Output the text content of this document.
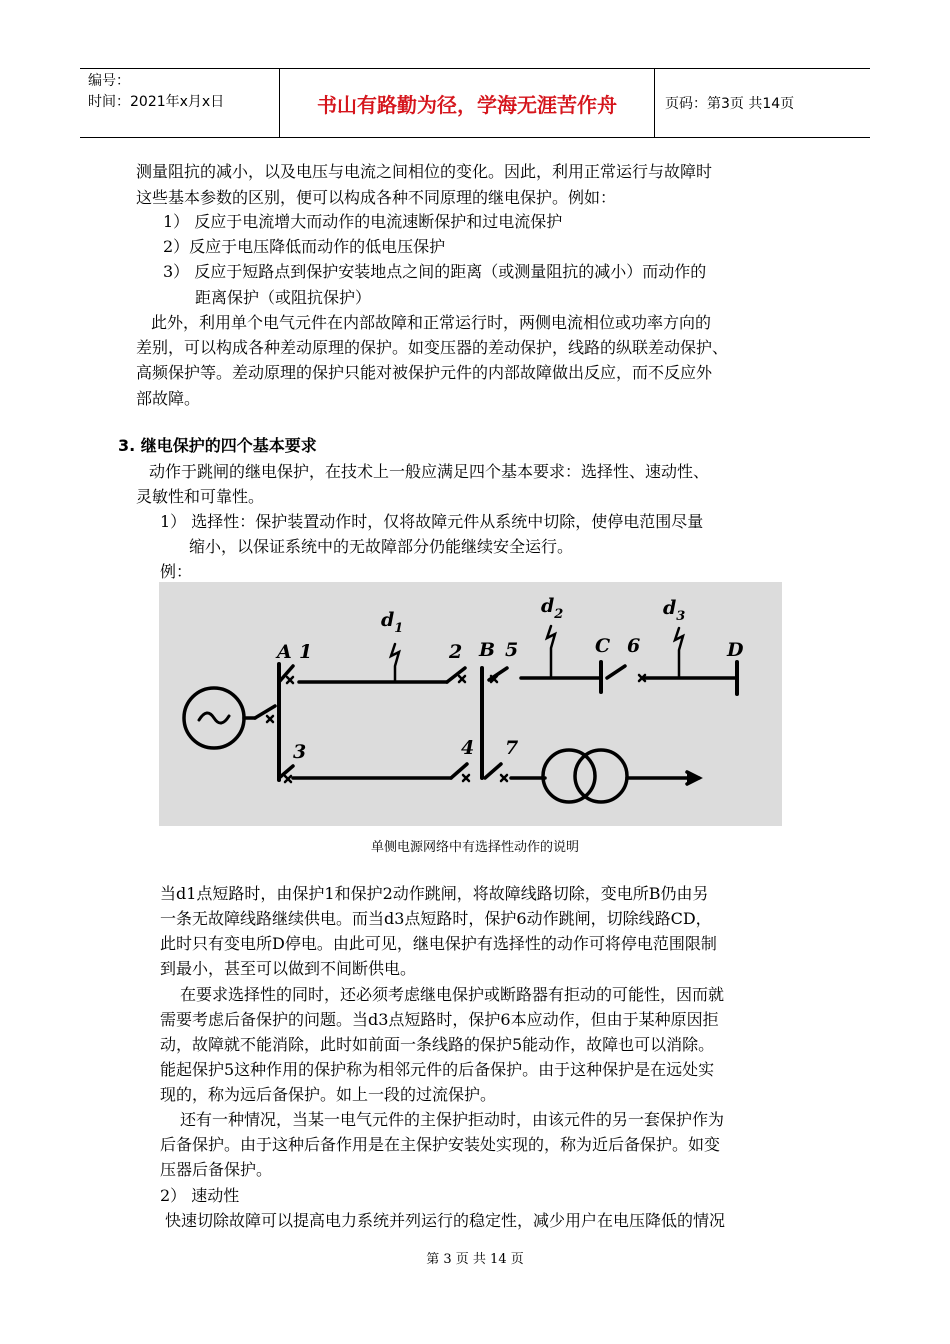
编号：
时间：2021年x月x日	书山有路勤为径，学海无涯苦作舟	页码：第3页 共14页
测量阻抗的减小，以及电压与电流之间相位的变化。因此，利用正常运行与故障时
这些基本参数的区别，便可以构成各种不同原理的继电保护。例如：
1） 反应于电流增大而动作的电流速断保护和过电流保护
2）反应于电压降低而动作的低电压保护
3） 反应于短路点到保护安装地点之间的距离（或测量阻抗的减小）而动作的
距离保护（或阻抗保护）
此外，利用单个电气元件在内部故障和正常运行时，两侧电流相位或功率方向的
差别，可以构成各种差动原理的保护。如变压器的差动保护，线路的纵联差动保护、
高频保护等。差动原理的保护只能对被保护元件的内部故障做出反应，而不反应外
部故障。
3. 继电保护的四个基本要求
动作于跳闸的继电保护，在技术上一般应满足四个基本要求：选择性、速动性、
灵敏性和可靠性。
1） 选择性：保护装置动作时，仅将故障元件从系统中切除，使停电范围尽量
缩小，以保证系统中的无故障部分仍能继续安全运行。
例：
A	B	C	D
1	2
3	4
5	6
7
$d_1$
$d_2$	$d_3$
单侧电源网络中有选择性动作的说明
当d1点短路时，由保护1和保护2动作跳闸，将故障线路切除，变电所B仍由另
一条无故障线路继续供电。而当d3点短路时，保护6动作跳闸，切除线路CD，
此时只有变电所D停电。由此可见，继电保护有选择性的动作可将停电范围限制
到最小，甚至可以做到不间断供电。
在要求选择性的同时，还必须考虑继电保护或断路器有拒动的可能性，因而就
需要考虑后备保护的问题。当d3点短路时，保护6本应动作，但由于某种原因拒
动，故障就不能消除，此时如前面一条线路的保护5能动作，故障也可以消除。
能起保护5这种作用的保护称为相邻元件的后备保护。由于这种保护是在远处实
现的，称为远后备保护。如上一段的过流保护。
还有一种情况，当某一电气元件的主保护拒动时，由该元件的另一套保护作为
后备保护。由于这种后备作用是在主保护安装处实现的，称为近后备保护。如变
压器后备保护。
2） 速动性
快速切除故障可以提高电力系统并列运行的稳定性，减少用户在电压降低的情况
第 3 页 共 14 页
